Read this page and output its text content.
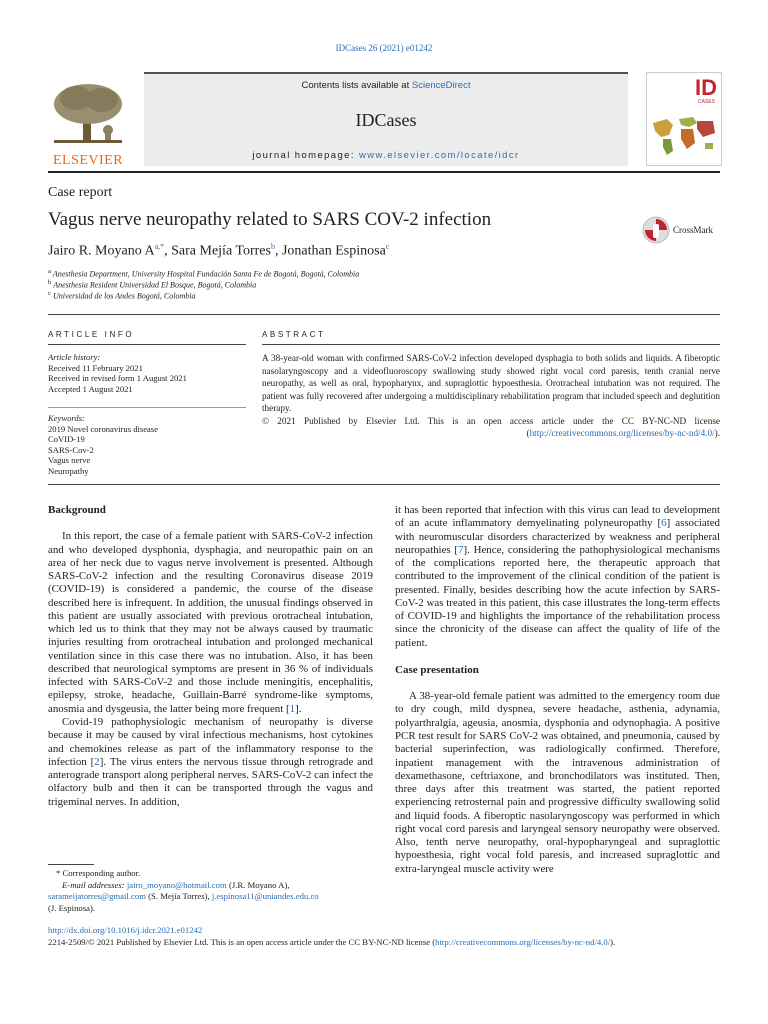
IDCases 26 (2021) e01242
ELSEVIER
Contents lists available at ScienceDirect
IDCases
journal homepage: www.elsevier.com/locate/idcr
ID
CASES
Case report
Vagus nerve neuropathy related to SARS COV-2 infection	CrossMark
Jairo R. Moyano $A^{a,*}$, Sara Mejía Torres$^b$, Jonathan Espinosa$^c$
$^a$ Anesthesia Department, University Hospital Fundación Santa Fe de Bogotá, Bogotá, Colombia
$^b$ Anesthesia Resident Universidad El Bosque, Bogotá, Colombia
$^c$ Universidad de los Andes Bogotá, Colombia
ARTICLE INFO
Article history:
Received 11 February 2021
Received in revised form 1 August 2021
Accepted 1 August 2021
Keywords:
2019 Novel coronavirus disease
CoVID-19
SARS-Cov-2
Vagus nerve
Neuropathy
ABSTRACT
A 38-year-old woman with confirmed SARS-CoV-2 infection developed dysphagia to both solids and liquids. A fiberoptic nasolaryngoscopy and a videofluoroscopy swallowing study showed right vocal cord paresis, tenth cranial nerve neuropathy, as well as oral, hypopharynx, and supraglottic hypoesthesia. Orotracheal intubation was not required. The patient was fully recovered after undergoing a multidisciplinary rehabilitation program that included speech and deglutition therapy.
© 2021 Published by Elsevier Ltd. This is an open access article under the CC BY-NC-ND license (http://creativecommons.org/licenses/by-nc-nd/4.0/).

Background

In this report, the case of a female patient with SARS-CoV-2 infection and who developed dysphonia, dysphagia, and neuropathic pain on an area of her neck due to vagus nerve involvement is presented. Although SARS-CoV-2 infection and the resulting Coronavirus disease 2019 (COVID-19) is considered a pandemic, the course of the disease described here is infrequent. In addition, the unusual findings observed in this patient are usually associated with previous orotracheal intubation, which led us to think that they may not be always caused by traumatic injuries resulting from orotracheal intubation and prolonged mechanical ventilation since in this case there was no intubation. Also, it has been described that neurological symptoms are present in 36 % of individuals infected with SARS-CoV-2 and those include meningitis, encephalitis, epilepsy, stroke, headache, Guillain-Barré syndrome-like symptoms, anosmia and dysgeusia, the latter being more frequent [1].

Covid-19 pathophysiologic mechanism of neuropathy is diverse because it may be caused by viral infectious mechanisms, host cytokines and chemokines release as part of the inflammatory response to the infection [2]. The virus enters the nervous tissue through retrograde and anterograde transport along peripheral nerves. SARS-CoV-2 can infect the olfactory bulb and then it can be transported through the vagus and trigeminal nerves. In addition,

it has been reported that infection with this virus can lead to development of an acute inflammatory demyelinating polyneuropathy [6] associated with neuromuscular disorders characterized by weakness and peripheral neuropathies [7]. Hence, considering the pathophysiological mechanisms of the complications reported here, the therapeutic approach that contributed to the improvement of the clinical condition of the patient is presented. Finally, besides describing how the acute infection by SARS-CoV-2 was treated in this patient, this case illustrates the long-term effects of COVID-19 and highlights the importance of the rehabilitation process since the chronicity of the disease can affect the quality of life of the patient.

Case presentation

A 38-year-old female patient was admitted to the emergency room due to dry cough, mild dyspnea, severe headache, asthenia, adynamia, polyarthralgia, ageusia, anosmia, dysphonia and odynophagia. A positive PCR test result for SARS CoV-2 was obtained, and pneumonia, caused by bacterial superinfection, was radiologically confirmed. Therefore, inpatient management with the intravenous administration of dexamethasone, ceftriaxone, and bronchodilators was instituted. Then, three days after this treatment was started, the patient reported experiencing retrosternal pain and progressive difficulty swallowing solid and liquid foods. A fiberoptic nasolaryngoscopy was performed in which right vocal cord paresis and laryngeal sensory neuropathy were observed. Also, tenth nerve neuropathy, oral-hypopharyngeal and supraglottic hypoesthesia, right vocal fold paresis, and increased supraglottic and extra-laryngeal muscle activity were

* Corresponding author.
E-mail addresses: jairo_moyano@hotmail.com (J.R. Moyano A),
sarameijatorres@gmail.com (S. Mejía Torres), j.espinosa11@uniandes.edu.co
(J. Espinosa).
http://dx.doi.org/10.1016/j.idcr.2021.e01242
2214-2509/© 2021 Published by Elsevier Ltd. This is an open access article under the CC BY-NC-ND license (http://creativecommons.org/licenses/by-nc-nd/4.0/).
